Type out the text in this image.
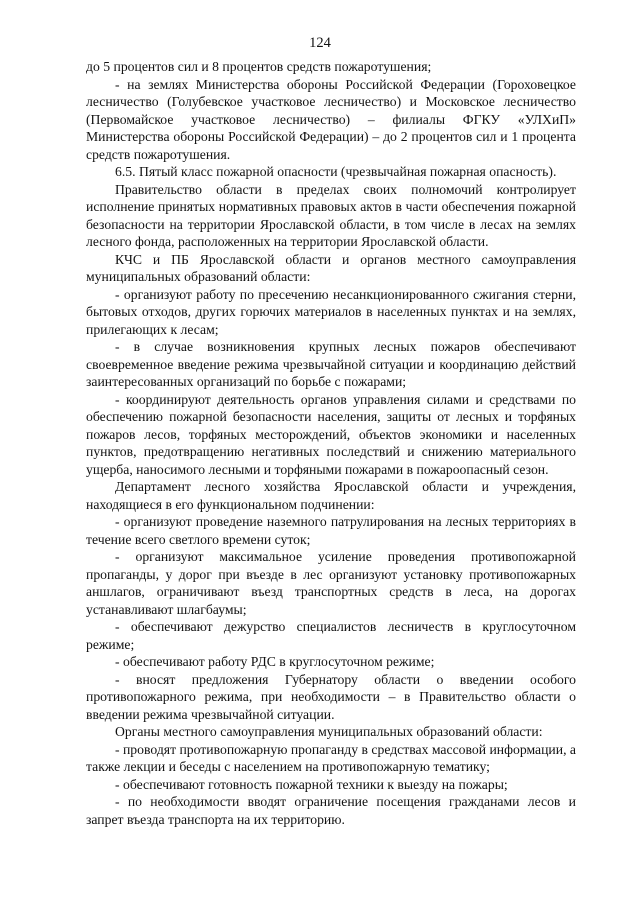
124

до 5 процентов сил и 8 процентов средств пожаротушения;

- на землях Министерства обороны Российской Федерации (Гороховецкое лесничество (Голубевское участковое лесничество) и Московское лесничество (Первомайское участковое лесничество) – филиалы ФГКУ «УЛХиП» Министерства обороны Российской Федерации) – до 2 процентов сил и 1 процента средств пожаротушения.

6.5. Пятый класс пожарной опасности (чрезвычайная пожарная опасность).

Правительство области в пределах своих полномочий контролирует исполнение принятых нормативных правовых актов в части обеспечения пожарной безопасности на территории Ярославской области, в том числе в лесах на землях лесного фонда, расположенных на территории Ярославской области.

КЧС и ПБ Ярославской области и органов местного самоуправления муниципальных образований области:

- организуют работу по пресечению несанкционированного сжигания стерни, бытовых отходов, других горючих материалов в населенных пунктах и на землях, прилегающих к лесам;

- в случае возникновения крупных лесных пожаров обеспечивают своевременное введение режима чрезвычайной ситуации и координацию действий заинтересованных организаций по борьбе с пожарами;

- координируют деятельность органов управления силами и средствами по обеспечению пожарной безопасности населения, защиты от лесных и торфяных пожаров лесов, торфяных месторождений, объектов экономики и населенных пунктов, предотвращению негативных последствий и снижению материального ущерба, наносимого лесными и торфяными пожарами в пожароопасный сезон.

Департамент лесного хозяйства Ярославской области и учреждения, находящиеся в его функциональном подчинении:

- организуют проведение наземного патрулирования на лесных территориях в течение всего светлого времени суток;

- организуют максимальное усиление проведения противопожарной пропаганды, у дорог при въезде в лес организуют установку противопожарных аншлагов, ограничивают въезд транспортных средств в леса, на дорогах устанавливают шлагбаумы;

- обеспечивают дежурство специалистов лесничеств в круглосуточном режиме;

- обеспечивают работу РДС в круглосуточном режиме;

- вносят предложения Губернатору области о введении особого противопожарного режима, при необходимости – в Правительство области о введении режима чрезвычайной ситуации.

Органы местного самоуправления муниципальных образований области:

- проводят противопожарную пропаганду в средствах массовой информации, а также лекции и беседы с населением на противопожарную тематику;

- обеспечивают готовность пожарной техники к выезду на пожары;

- по необходимости вводят ограничение посещения гражданами лесов и запрет въезда транспорта на их территорию.
